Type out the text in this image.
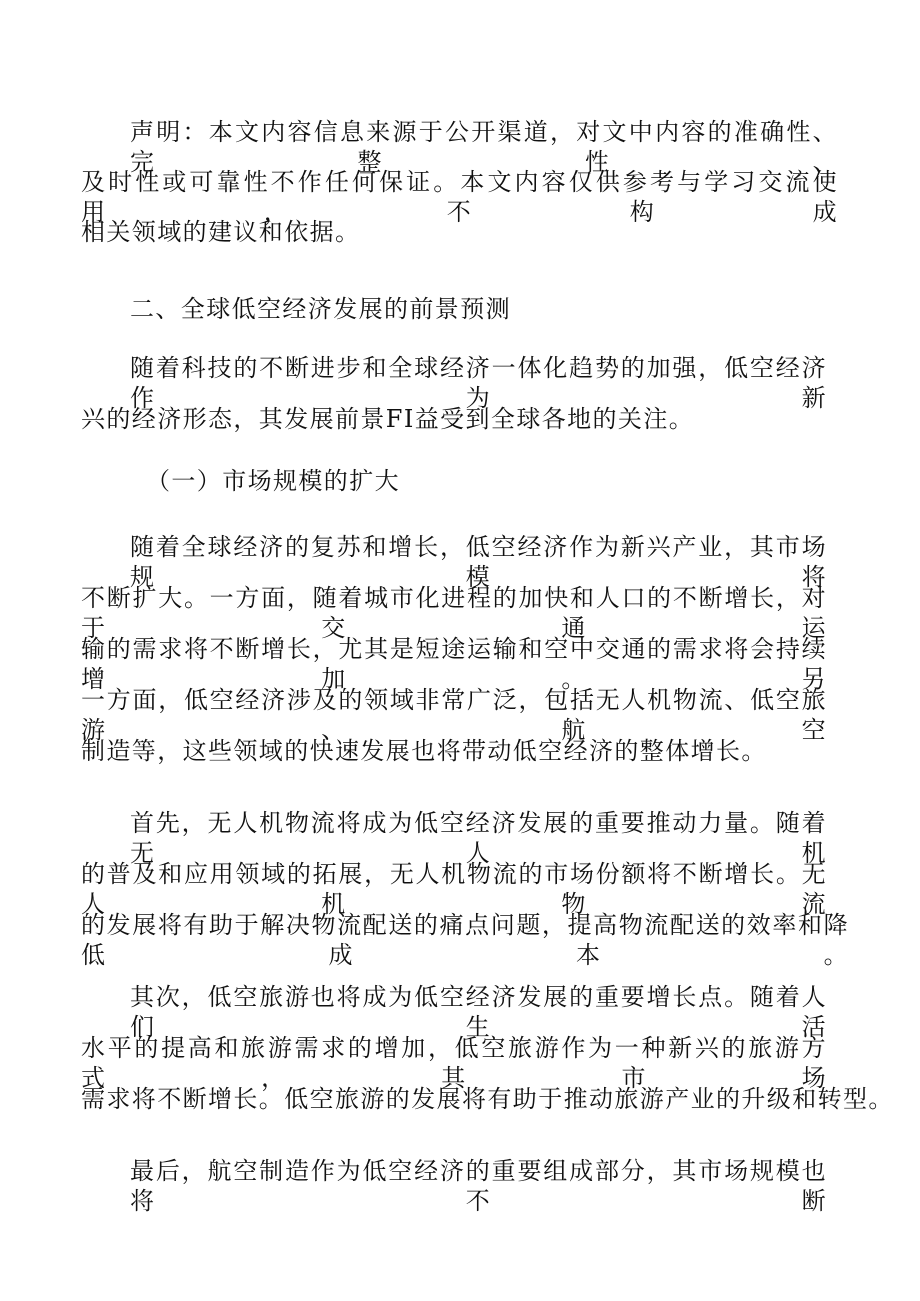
声明：本文内容信息来源于公开渠道，对文中内容的准确性、完整性、
及时性或可靠性不作任何保证。本文内容仅供参考与学习交流使用，不构成
相关领域的建议和依据。
二、全球低空经济发展的前景预测
随着科技的不断进步和全球经济一体化趋势的加强，低空经济作为新
兴的经济形态，其发展前景FI益受到全球各地的关注。
（一）市场规模的扩大
随着全球经济的复苏和增长，低空经济作为新兴产业，其市场规模将
不断扩大。一方面，随着城市化进程的加快和人口的不断增长，对于交通运
输的需求将不断增长，尤其是短途运输和空中交通的需求将会持续增加。另
一方面，低空经济涉及的领域非常广泛，包括无人机物流、低空旅游、航空
制造等，这些领域的快速发展也将带动低空经济的整体增长。
首先，无人机物流将成为低空经济发展的重要推动力量。随着无人机
的普及和应用领域的拓展，无人机物流的市场份额将不断增长。无人机物流
的发展将有助于解决物流配送的痛点问题，提高物流配送的效率和降低成本。
其次，低空旅游也将成为低空经济发展的重要增长点。随着人们生活
水平的提高和旅游需求的增加，低空旅游作为一种新兴的旅游方式，其市场
需求将不断增长。低空旅游的发展将有助于推动旅游产业的升级和转型。
最后，航空制造作为低空经济的重要组成部分，其市场规模也将不断
